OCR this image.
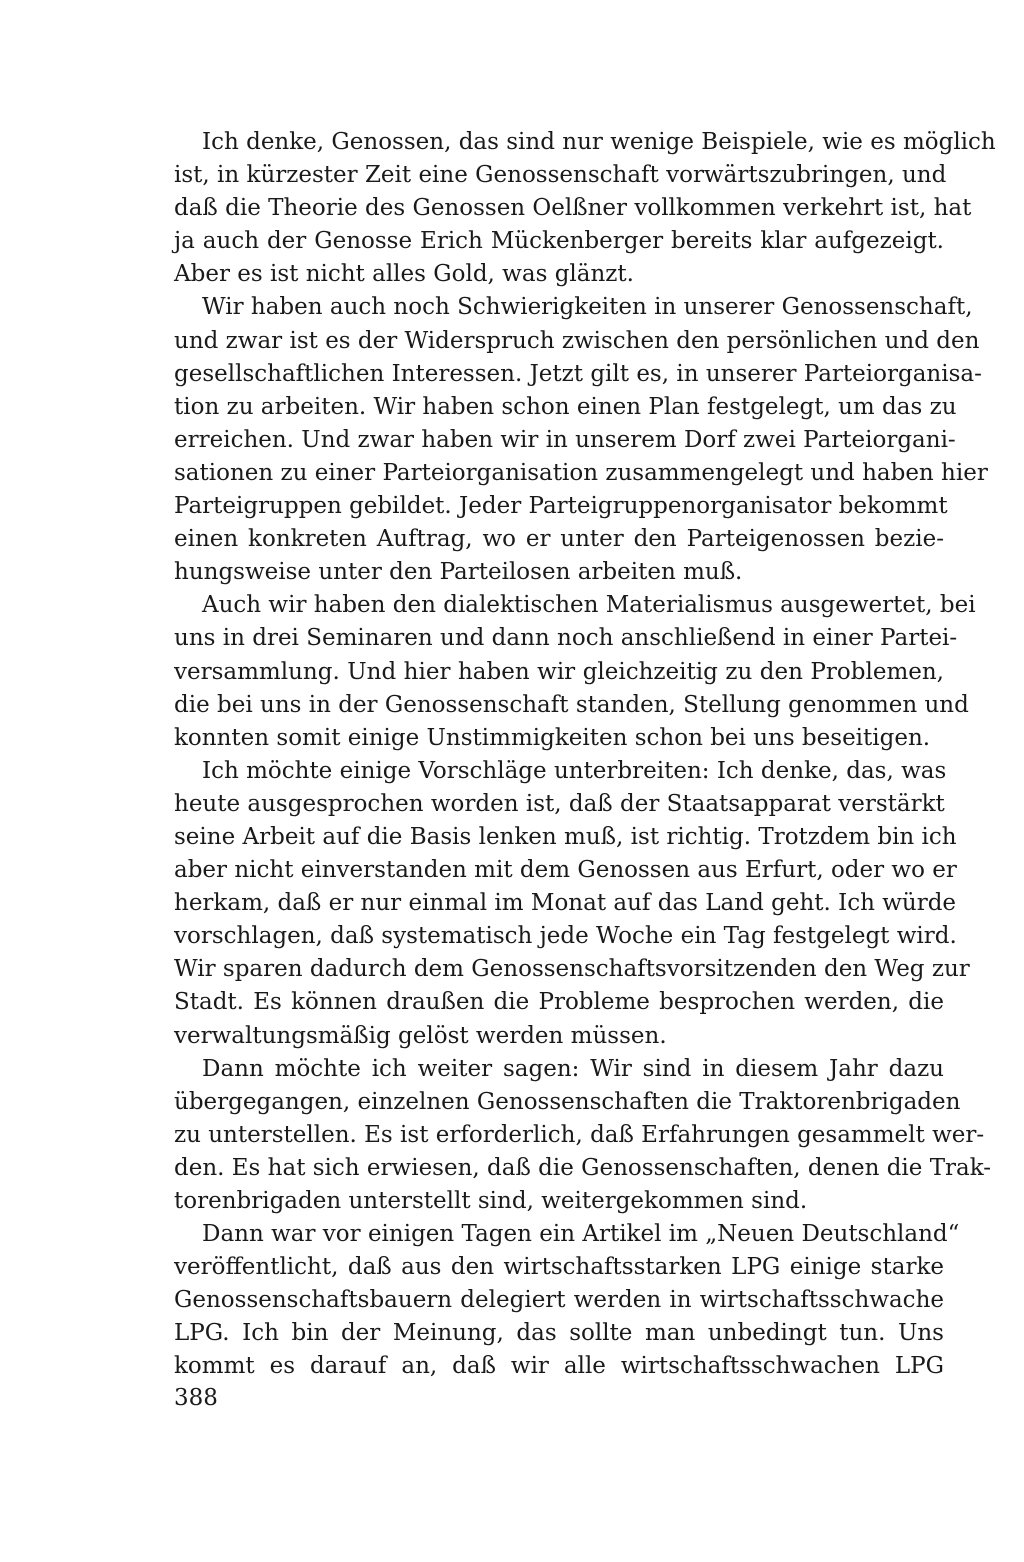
Ich denke, Genossen, das sind nur wenige Beispiele, wie es möglich
ist, in kürzester Zeit eine Genossenschaft vorwärtszubringen, und
daß die Theorie des Genossen Oelßner vollkommen verkehrt ist, hat
ja auch der Genosse Erich Mückenberger bereits klar aufgezeigt.
Aber es ist nicht alles Gold, was glänzt.
Wir haben auch noch Schwierigkeiten in unserer Genossenschaft,
und zwar ist es der Widerspruch zwischen den persönlichen und den
gesellschaftlichen Interessen. Jetzt gilt es, in unserer Parteiorganisa-
tion zu arbeiten. Wir haben schon einen Plan festgelegt, um das zu
erreichen. Und zwar haben wir in unserem Dorf zwei Parteiorgani-
sationen zu einer Parteiorganisation zusammengelegt und haben hier
Parteigruppen gebildet. Jeder Parteigruppenorganisator bekommt
einen konkreten Auftrag, wo er unter den Parteigenossen bezie-
hungsweise unter den Parteilosen arbeiten muß.
Auch wir haben den dialektischen Materialismus ausgewertet, bei
uns in drei Seminaren und dann noch anschließend in einer Partei-
versammlung. Und hier haben wir gleichzeitig zu den Problemen,
die bei uns in der Genossenschaft standen, Stellung genommen und
konnten somit einige Unstimmigkeiten schon bei uns beseitigen.
Ich möchte einige Vorschläge unterbreiten: Ich denke, das, was
heute ausgesprochen worden ist, daß der Staatsapparat verstärkt
seine Arbeit auf die Basis lenken muß, ist richtig. Trotzdem bin ich
aber nicht einverstanden mit dem Genossen aus Erfurt, oder wo er
herkam, daß er nur einmal im Monat auf das Land geht. Ich würde
vorschlagen, daß systematisch jede Woche ein Tag festgelegt wird.
Wir sparen dadurch dem Genossenschaftsvorsitzenden den Weg zur
Stadt. Es können draußen die Probleme besprochen werden, die
verwaltungsmäßig gelöst werden müssen.
Dann möchte ich weiter sagen: Wir sind in diesem Jahr dazu
übergegangen, einzelnen Genossenschaften die Traktorenbrigaden
zu unterstellen. Es ist erforderlich, daß Erfahrungen gesammelt wer-
den. Es hat sich erwiesen, daß die Genossenschaften, denen die Trak-
torenbrigaden unterstellt sind, weitergekommen sind.
Dann war vor einigen Tagen ein Artikel im „Neuen Deutschland“
veröffentlicht, daß aus den wirtschaftsstarken LPG einige starke
Genossenschaftsbauern delegiert werden in wirtschaftsschwache
LPG. Ich bin der Meinung, das sollte man unbedingt tun. Uns
kommt es darauf an, daß wir alle wirtschaftsschwachen LPG
388
